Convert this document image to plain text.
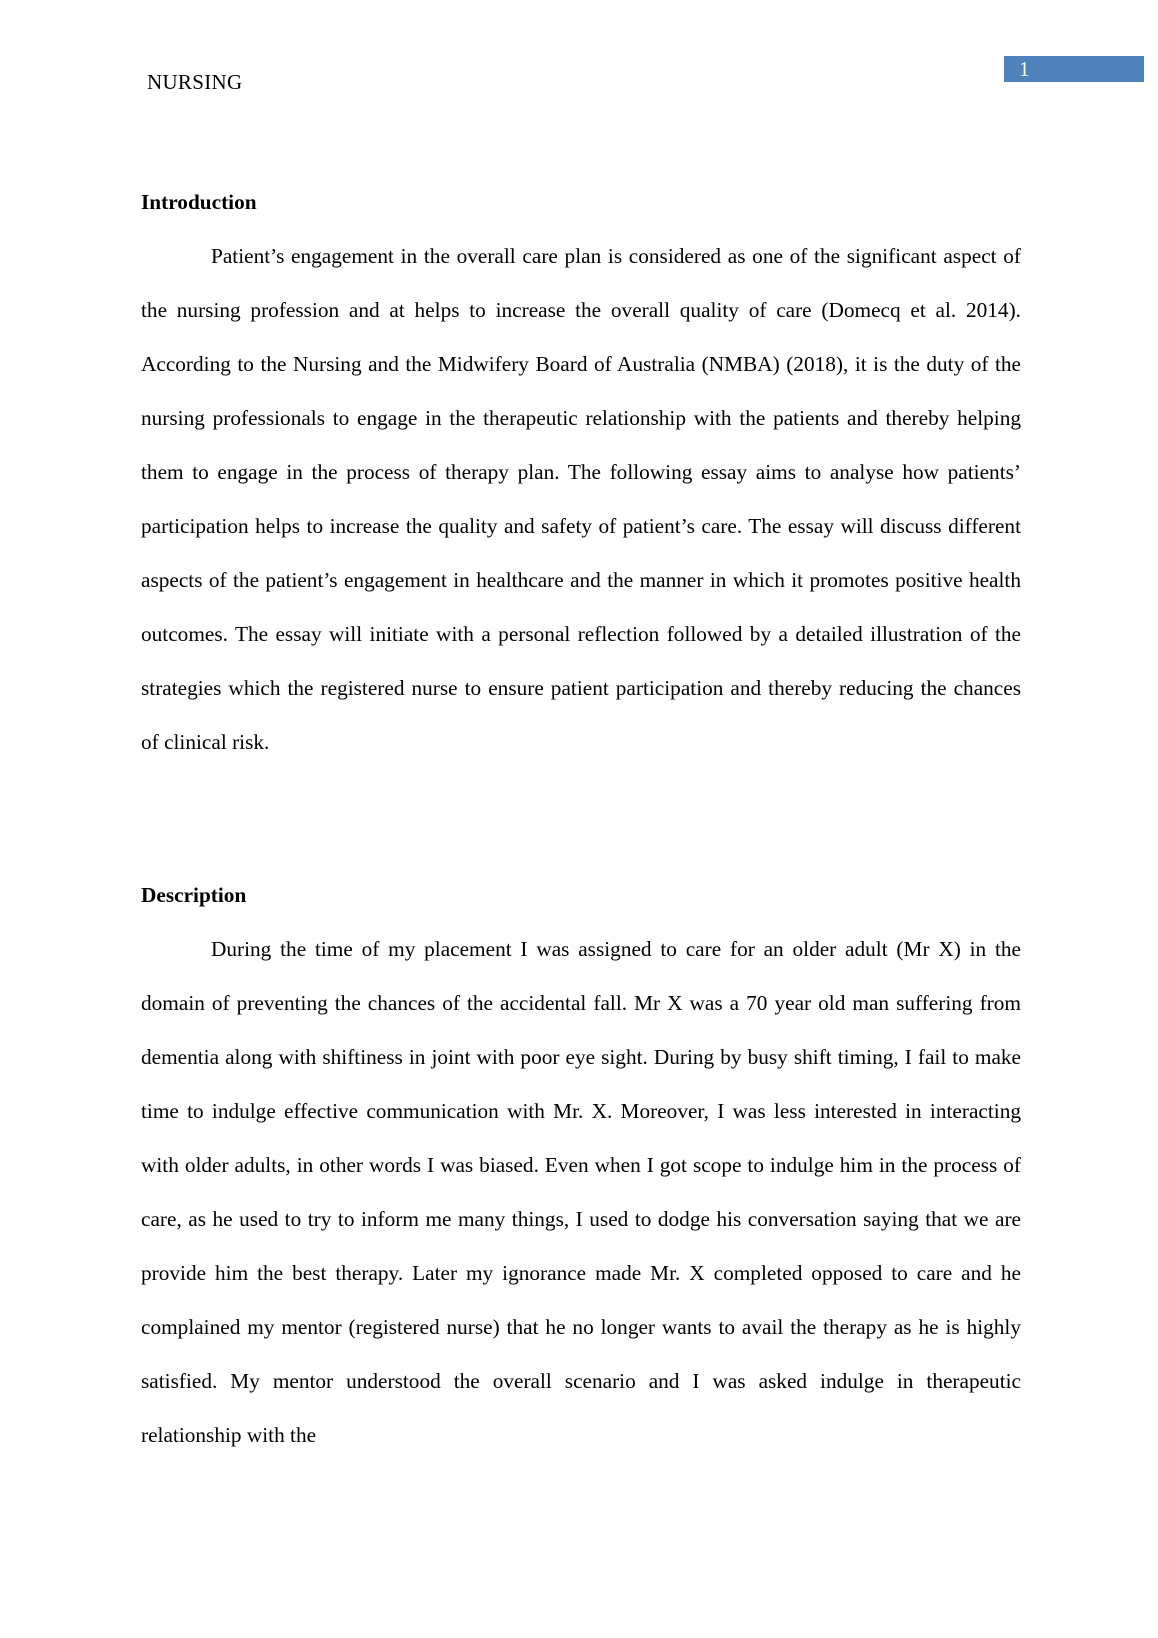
NURSING
1
Introduction

Patient’s engagement in the overall care plan is considered as one of the significant aspect of the nursing profession and at helps to increase the overall quality of care (Domecq et al. 2014). According to the Nursing and the Midwifery Board of Australia (NMBA) (2018), it is the duty of the nursing professionals to engage in the therapeutic relationship with the patients and thereby helping them to engage in the process of therapy plan. The following essay aims to analyse how patients’ participation helps to increase the quality and safety of patient’s care. The essay will discuss different aspects of the patient’s engagement in healthcare and the manner in which it promotes positive health outcomes. The essay will initiate with a personal reflection followed by a detailed illustration of the strategies which the registered nurse to ensure patient participation and thereby reducing the chances of clinical risk.

Description

During the time of my placement I was assigned to care for an older adult (Mr X) in the domain of preventing the chances of the accidental fall. Mr X was a 70 year old man suffering from dementia along with shiftiness in joint with poor eye sight. During by busy shift timing, I fail to make time to indulge effective communication with Mr. X. Moreover, I was less interested in interacting with older adults, in other words I was biased. Even when I got scope to indulge him in the process of care, as he used to try to inform me many things, I used to dodge his conversation saying that we are provide him the best therapy. Later my ignorance made Mr. X completed opposed to care and he complained my mentor (registered nurse) that he no longer wants to avail the therapy as he is highly satisfied. My mentor understood the overall scenario and I was asked indulge in therapeutic relationship with the
